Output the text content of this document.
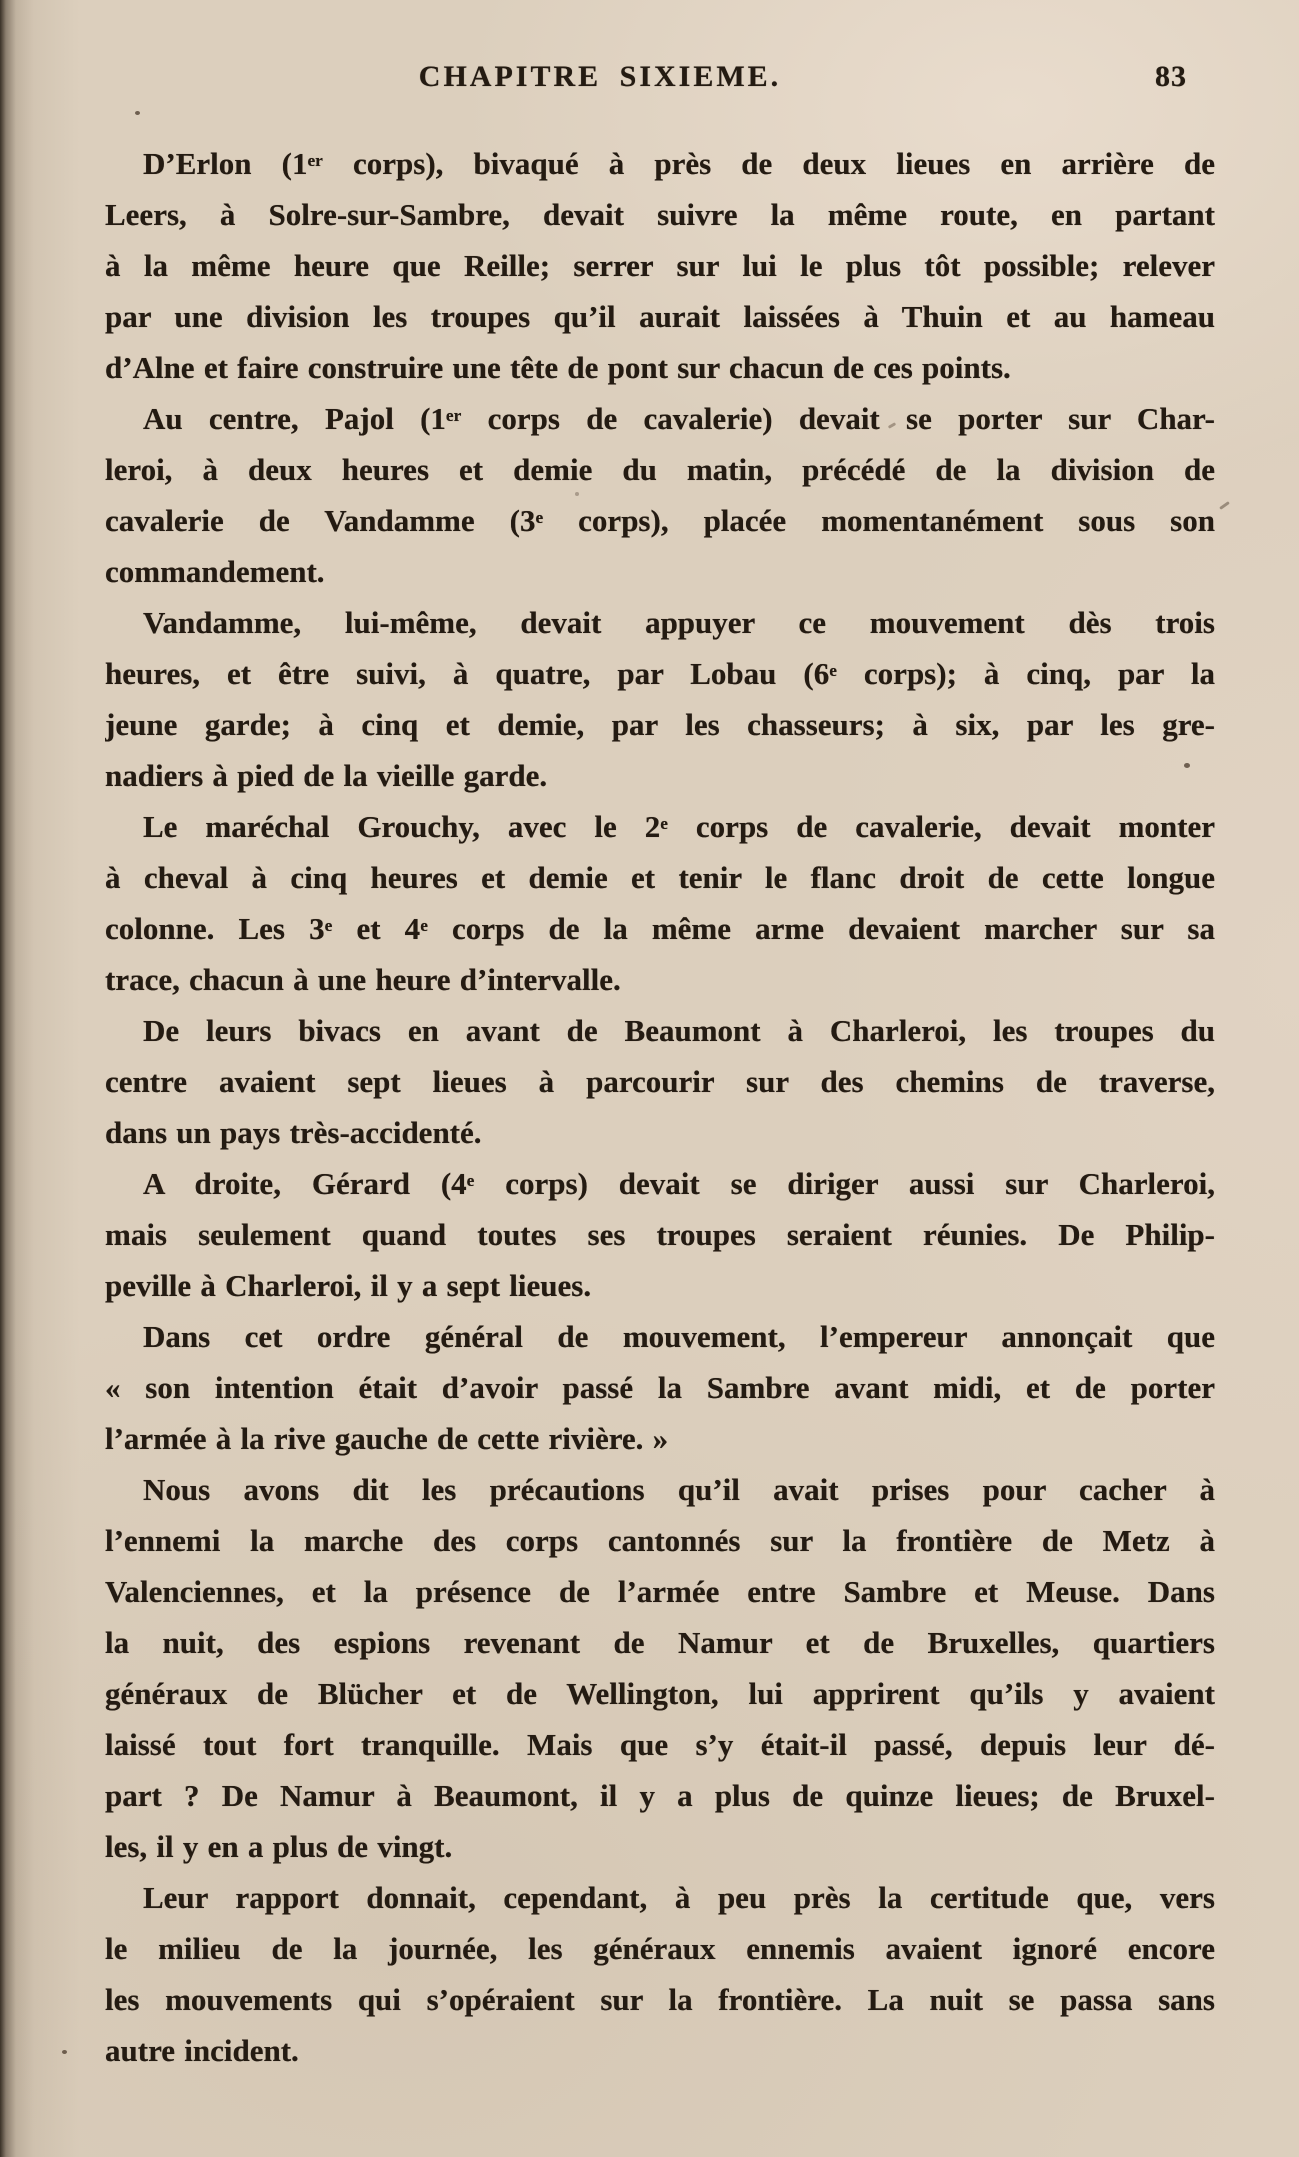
CHAPITRE SIXIEME.	83
D’Erlon (1er corps), bivaqué à près de deux lieues en arrière de
Leers, à Solre-sur-Sambre, devait suivre la même route, en partant
à la même heure que Reille; serrer sur lui le plus tôt possible; relever
par une division les troupes qu’il aurait laissées à Thuin et au hameau
d’Alne et faire construire une tête de pont sur chacun de ces points.
Au centre, Pajol (1er corps de cavalerie) devait se porter sur Char-
leroi, à deux heures et demie du matin, précédé de la division de
cavalerie de Vandamme (3e corps), placée momentanément sous son
commandement.
Vandamme, lui-même, devait appuyer ce mouvement dès trois
heures, et être suivi, à quatre, par Lobau (6e corps); à cinq, par la
jeune garde; à cinq et demie, par les chasseurs; à six, par les gre-
nadiers à pied de la vieille garde.
Le maréchal Grouchy, avec le 2e corps de cavalerie, devait monter
à cheval à cinq heures et demie et tenir le flanc droit de cette longue
colonne. Les 3e et 4e corps de la même arme devaient marcher sur sa
trace, chacun à une heure d’intervalle.
De leurs bivacs en avant de Beaumont à Charleroi, les troupes du
centre avaient sept lieues à parcourir sur des chemins de traverse,
dans un pays très-accidenté.
A droite, Gérard (4e corps) devait se diriger aussi sur Charleroi,
mais seulement quand toutes ses troupes seraient réunies. De Philip-
peville à Charleroi, il y a sept lieues.
Dans cet ordre général de mouvement, l’empereur annonçait que
« son intention était d’avoir passé la Sambre avant midi, et de porter
l’armée à la rive gauche de cette rivière. »
Nous avons dit les précautions qu’il avait prises pour cacher à
l’ennemi la marche des corps cantonnés sur la frontière de Metz à
Valenciennes, et la présence de l’armée entre Sambre et Meuse. Dans
la nuit, des espions revenant de Namur et de Bruxelles, quartiers
généraux de Blücher et de Wellington, lui apprirent qu’ils y avaient
laissé tout fort tranquille. Mais que s’y était-il passé, depuis leur dé-
part ? De Namur à Beaumont, il y a plus de quinze lieues; de Bruxel-
les, il y en a plus de vingt.
Leur rapport donnait, cependant, à peu près la certitude que, vers
le milieu de la journée, les généraux ennemis avaient ignoré encore
les mouvements qui s’opéraient sur la frontière. La nuit se passa sans
autre incident.
